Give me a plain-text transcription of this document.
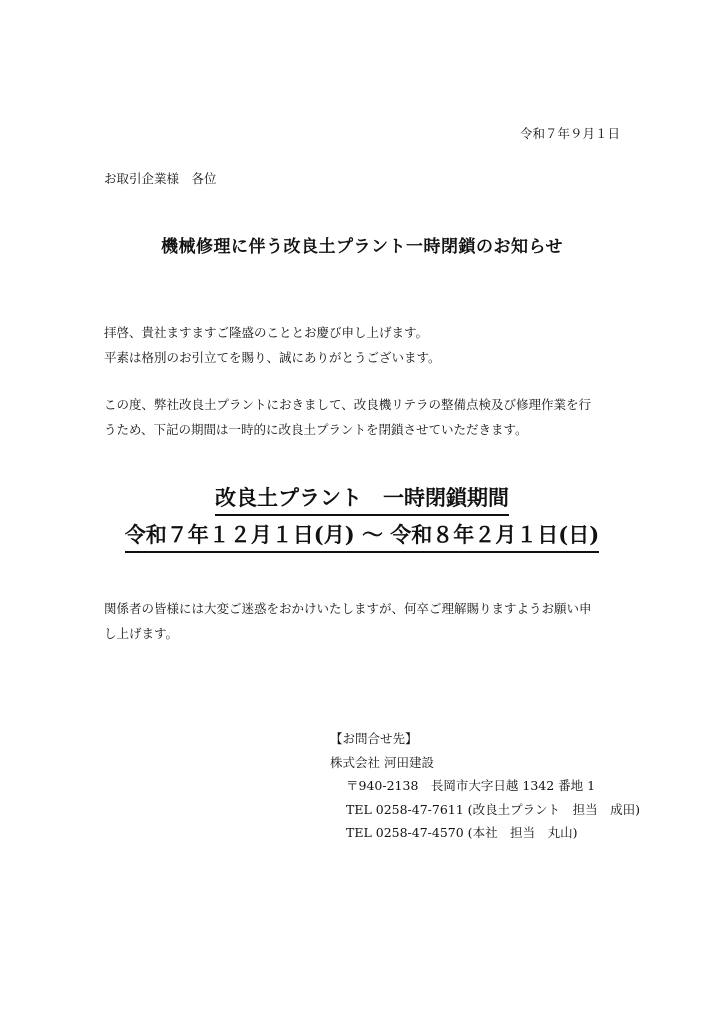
令和７年９月１日
お取引企業様　各位
機械修理に伴う改良土プラント一時閉鎖のお知らせ
拝啓、貴社ますますご隆盛のこととお慶び申し上げます。
平素は格別のお引立てを賜り、誠にありがとうございます。
この度、弊社改良土プラントにおきまして、改良機リテラの整備点検及び修理作業を行
うため、下記の期間は一時的に改良土プラントを閉鎖させていただきます。
改良土プラント　一時閉鎖期間
令和７年１２月１日(月) ～ 令和８年２月１日(日)
関係者の皆様には大変ご迷惑をおかけいたしますが、何卒ご理解賜りますようお願い申
し上げます。
【お問合せ先】
株式会社 河田建設
〒940-2138　長岡市大字日越 1342 番地 1
TEL 0258-47-7611 (改良土プラント　担当　成田)
TEL 0258-47-4570 (本社　担当　丸山)
